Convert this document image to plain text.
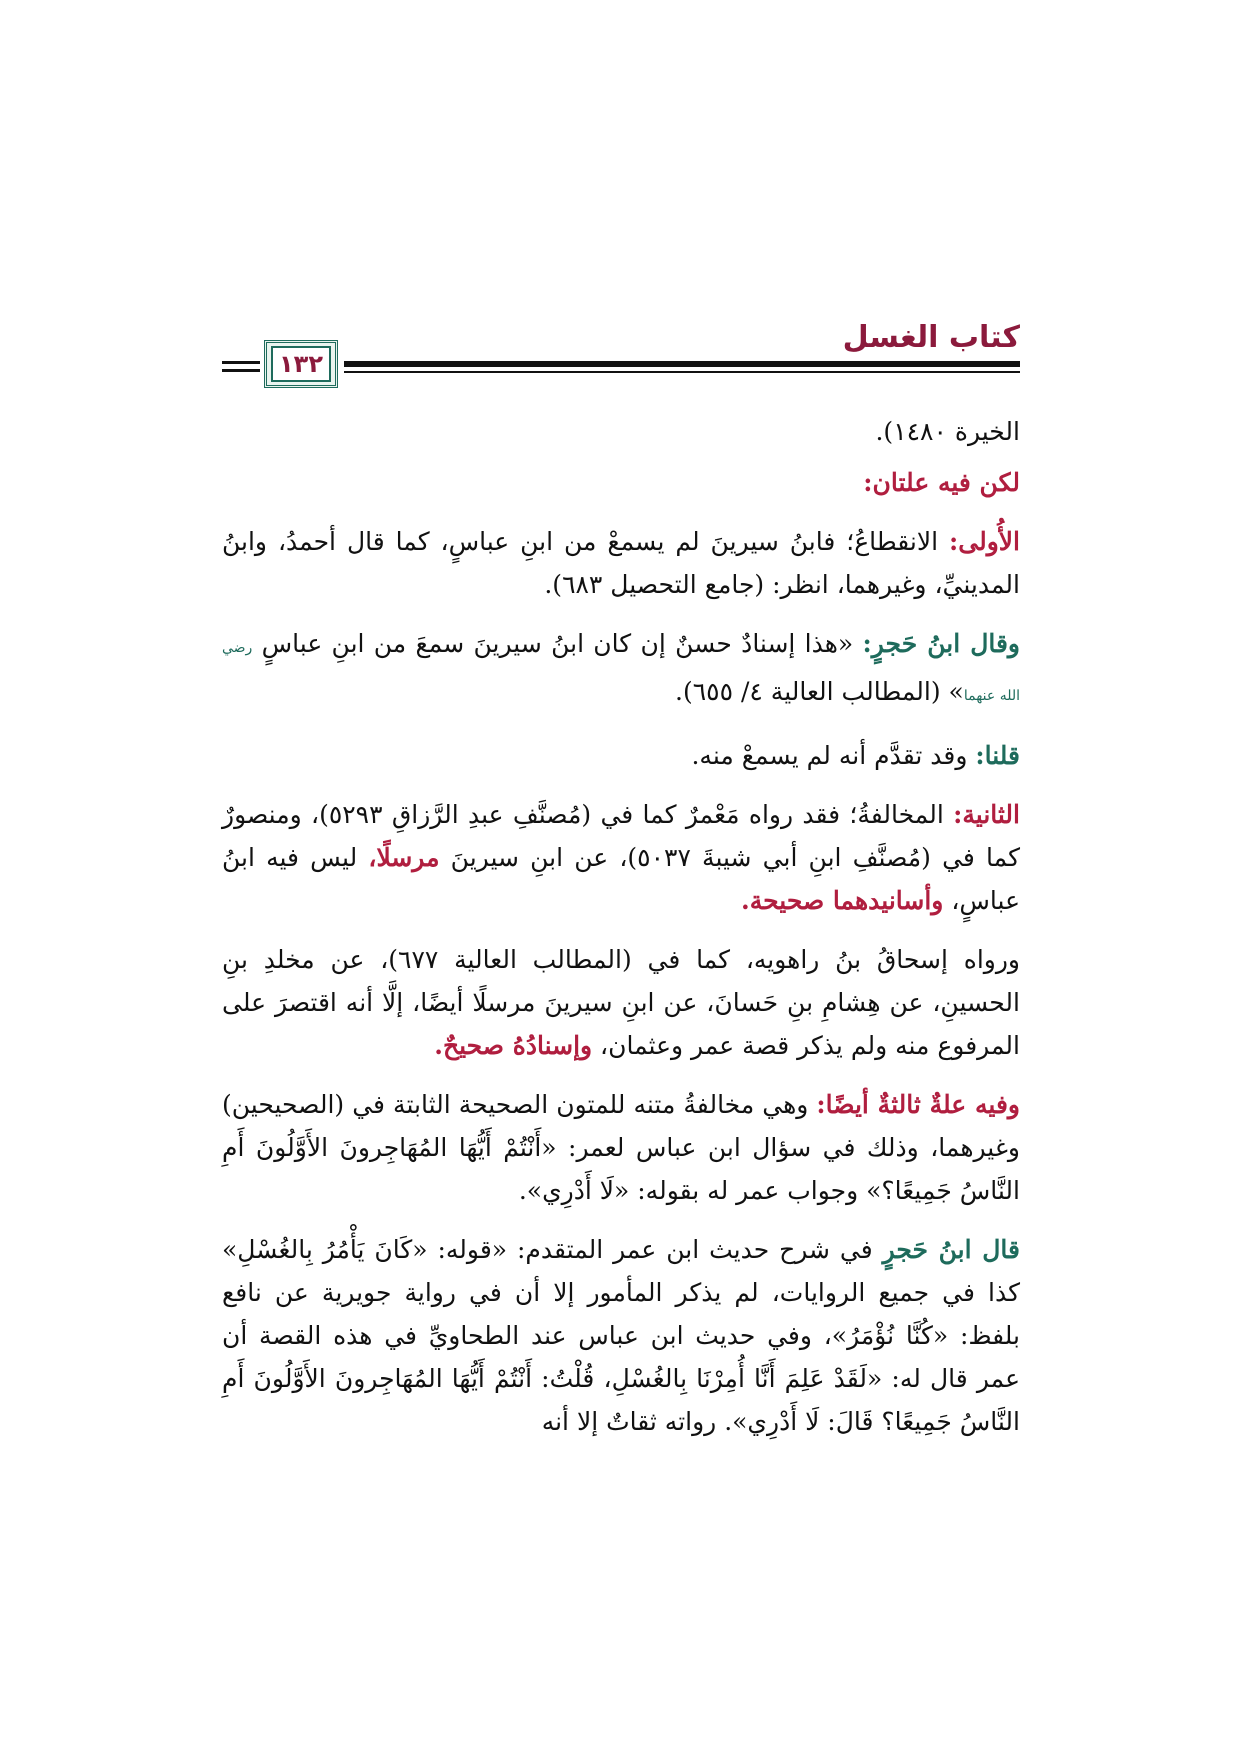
كتاب الغسل
١٣٢

الخيرة ١٤٨٠).

لكن فيه علتان:

الأُولى: الانقطاعُ؛ فابنُ سيرينَ لم يسمعْ من ابنِ عباسٍ، كما قال أحمدُ، وابنُ المدينيِّ، وغيرهما، انظر: (جامع التحصيل ٦٨٣).

وقال ابنُ حَجرٍ: «هذا إسنادٌ حسنٌ إن كان ابنُ سيرينَ سمعَ من ابنِ عباسٍ رضي الله عنهما» (المطالب العالية ٤/ ٦٥٥).

قلنا: وقد تقدَّم أنه لم يسمعْ منه.

الثانية: المخالفةُ؛ فقد رواه مَعْمرٌ كما في (مُصنَّفِ عبدِ الرَّزاقِ ٥٢٩٣)، ومنصورٌ كما في (مُصنَّفِ ابنِ أبي شيبةَ ٥٠٣٧)، عن ابنِ سيرينَ مرسلًا، ليس فيه ابنُ عباسٍ، وأسانيدهما صحيحة.

ورواه إسحاقُ بنُ راهويه، كما في (المطالب العالية ٦٧٧)، عن مخلدِ بنِ الحسينِ، عن هِشامِ بنِ حَسانَ، عن ابنِ سيرينَ مرسلًا أيضًا، إلَّا أنه اقتصرَ على المرفوع منه ولم يذكر قصة عمر وعثمان، وإسنادُهُ صحيحٌ.

وفيه علةٌ ثالثةٌ أيضًا: وهي مخالفةُ متنه للمتون الصحيحة الثابتة في (الصحيحين) وغيرهما، وذلك في سؤال ابن عباس لعمر: «أَنْتُمْ أَيُّهَا المُهَاجِرونَ الأَوَّلُونَ أَمِ النَّاسُ جَمِيعًا؟» وجواب عمر له بقوله: «لَا أَدْرِي».

قال ابنُ حَجرٍ في شرح حديث ابن عمر المتقدم: «قوله: «كَانَ يَأْمُرُ بِالغُسْلِ» كذا في جميع الروايات، لم يذكر المأمور إلا أن في رواية جويرية عن نافع بلفظ: «كُنَّا نُؤْمَرُ»، وفي حديث ابن عباس عند الطحاويِّ في هذه القصة أن عمر قال له: «لَقَدْ عَلِمَ أَنَّا أُمِرْنَا بِالغُسْلِ، قُلْتُ: أَنْتُمْ أَيُّهَا المُهَاجِرونَ الأَوَّلُونَ أَمِ النَّاسُ جَمِيعًا؟ قَالَ: لَا أَدْرِي». رواته ثقاتٌ إلا أنه
